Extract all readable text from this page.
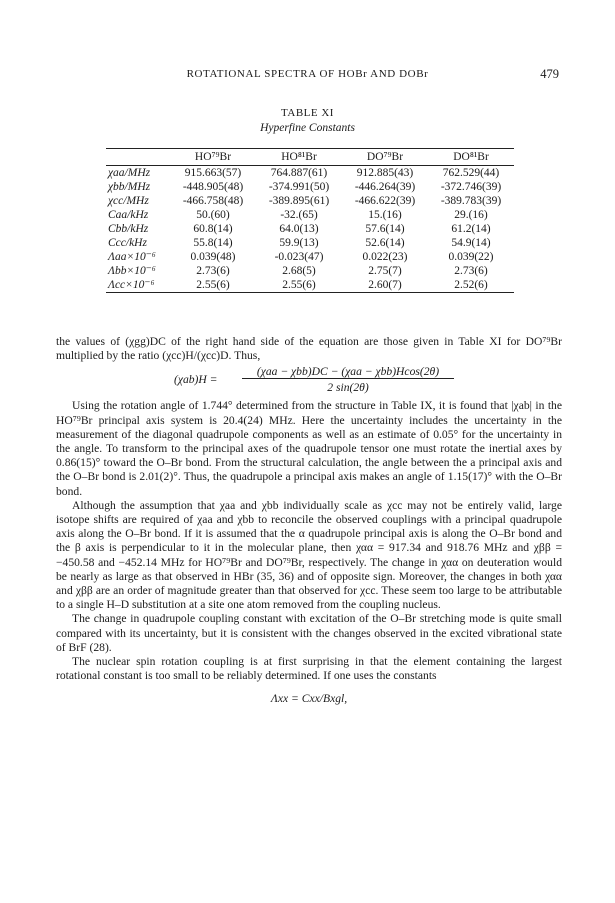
ROTATIONAL SPECTRA OF HOBr AND DOBr	479
TABLE XI
Hyperfine Constants
	HO⁷⁹Br	HO⁸¹Br	DO⁷⁹Br	DO⁸¹Br
χaa/MHz	915.663(57)	764.887(61)	912.885(43)	762.529(44)
χbb/MHz	-448.905(48)	-374.991(50)	-446.264(39)	-372.746(39)
χcc/MHz	-466.758(48)	-389.895(61)	-466.622(39)	-389.783(39)
Caa/kHz	50.(60)	-32.(65)	15.(16)	29.(16)
Cbb/kHz	60.8(14)	64.0(13)	57.6(14)	61.2(14)
Ccc/kHz	55.8(14)	59.9(13)	52.6(14)	54.9(14)
Λaa×10⁻⁶	0.039(48)	-0.023(47)	0.022(23)	0.039(22)
Λbb×10⁻⁶	2.73(6)	2.68(5)	2.75(7)	2.73(6)
Λcc×10⁻⁶	2.55(6)	2.55(6)	2.60(7)	2.52(6)

the values of (χgg)DC of the right hand side of the equation are those given in Table XI for DO⁷⁹Br multiplied by the ratio (χcc)H/(χcc)D. Thus,

(χab)H =
(χaa − χbb)DC − (χaa − χbb)Hcos(2θ)
2 sin(2θ)

Using the rotation angle of 1.744° determined from the structure in Table IX, it is found that |χab| in the HO⁷⁹Br principal axis system is 20.4(24) MHz. Here the uncertainty includes the uncertainty in the measurement of the diagonal quadrupole components as well as an estimate of 0.05° for the uncertainty in the angle. To transform to the principal axes of the quadrupole tensor one must rotate the inertial axes by 0.86(15)° toward the O–Br bond. From the structural calculation, the angle between the a principal axis and the O–Br bond is 2.01(2)°. Thus, the quadrupole a principal axis makes an angle of 1.15(17)° with the O–Br bond.

Although the assumption that χaa and χbb individually scale as χcc may not be entirely valid, large isotope shifts are required of χaa and χbb to reconcile the observed couplings with a principal quadrupole axis along the O–Br bond. If it is assumed that the α quadrupole principal axis is along the O–Br bond and the β axis is perpendicular to it in the molecular plane, then χαα = 917.34 and 918.76 MHz and χββ = −450.58 and −452.14 MHz for HO⁷⁹Br and DO⁷⁹Br, respectively. The change in χαα on deuteration would be nearly as large as that observed in HBr (35, 36) and of opposite sign. Moreover, the changes in both χαα and χββ are an order of magnitude greater than that observed for χcc. These seem too large to be attributable to a single H–D substitution at a site one atom removed from the coupling nucleus.

The change in quadrupole coupling constant with excitation of the O–Br stretching mode is quite small compared with its uncertainty, but it is consistent with the changes observed in the excited vibrational state of BrF (28).

The nuclear spin rotation coupling is at first surprising in that the element containing the largest rotational constant is too small to be reliably determined. If one uses the constants

Λxx = Cxx/Bxgl,
